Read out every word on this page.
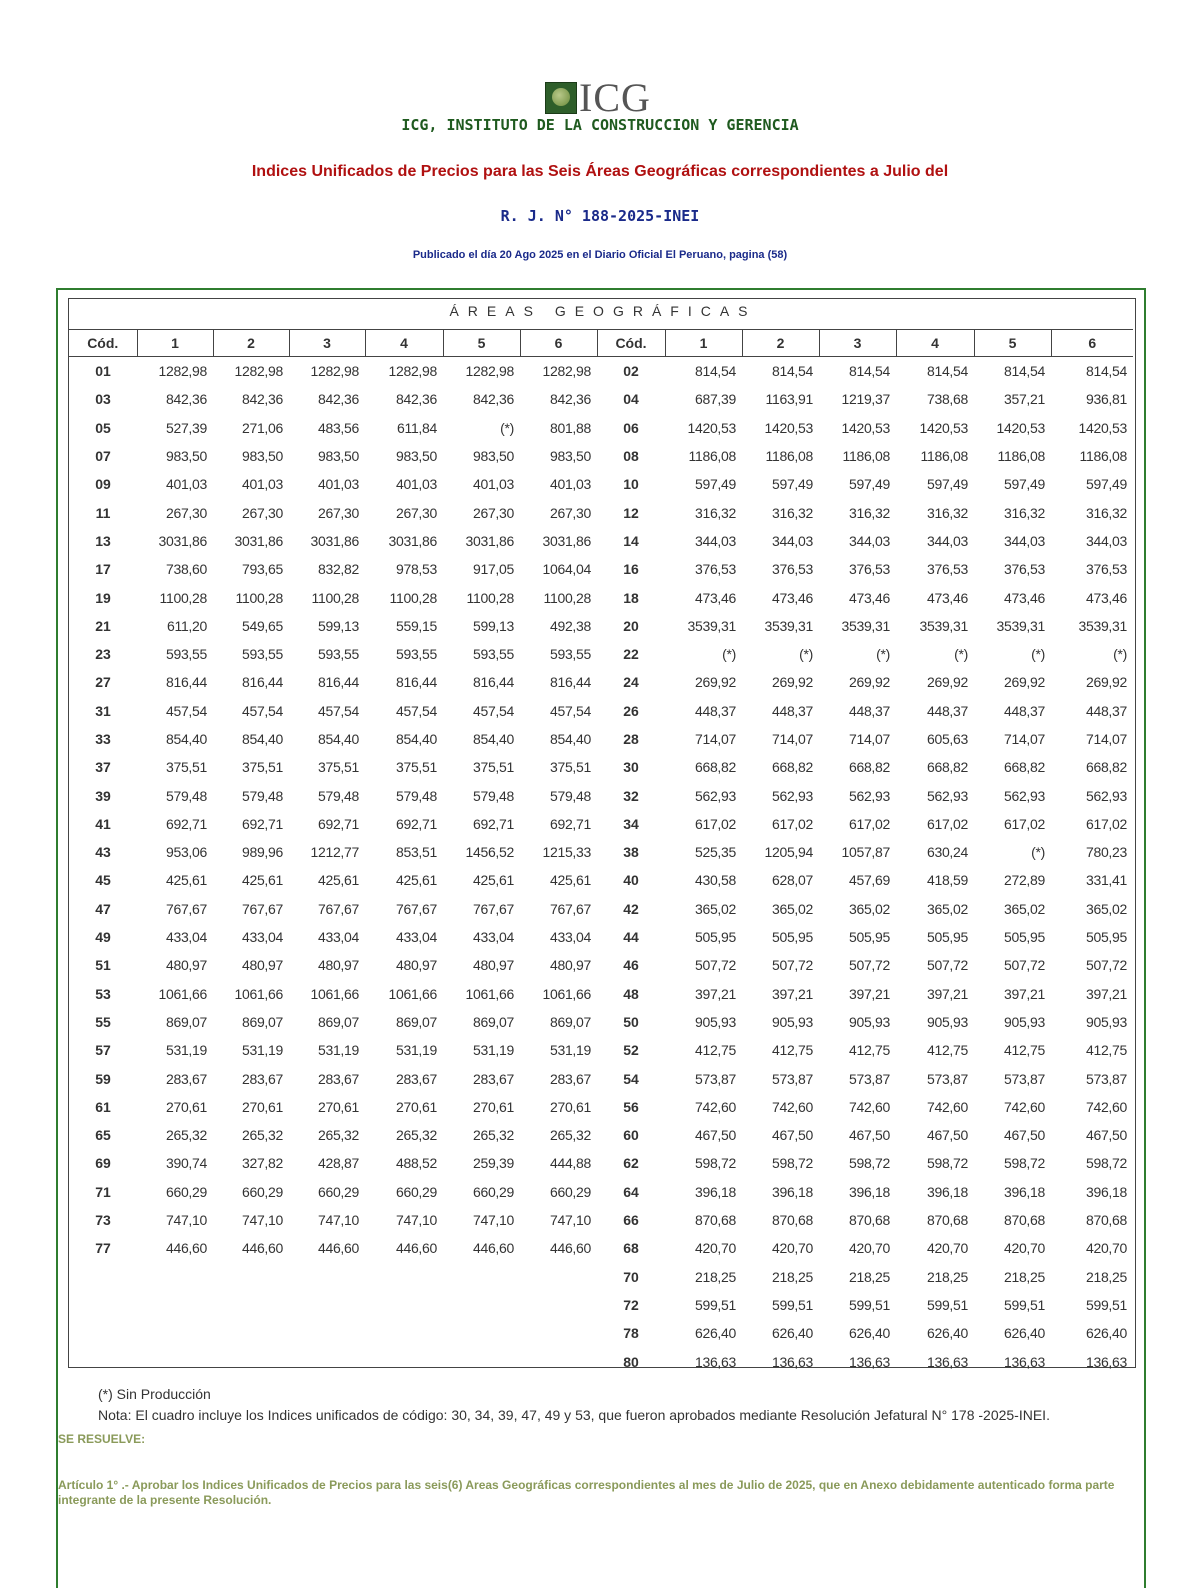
ICG
ICG, INSTITUTO DE LA CONSTRUCCION Y GERENCIA
Indices Unificados de Precios para las Seis Áreas Geográficas correspondientes a Julio del
R. J. N° 188-2025-INEI
Publicado el día 20 Ago 2025 en el Diario Oficial El Peruano, pagina (58)
ÁREAS GEOGRÁFICAS
Cód.	1	2	3	4	5	6	Cód.	1	2	3	4	5	6
01	1282,98	1282,98	1282,98	1282,98	1282,98	1282,98	02	814,54	814,54	814,54	814,54	814,54	814,54
03	842,36	842,36	842,36	842,36	842,36	842,36	04	687,39	1163,91	1219,37	738,68	357,21	936,81
05	527,39	271,06	483,56	611,84	(*)	801,88	06	1420,53	1420,53	1420,53	1420,53	1420,53	1420,53
07	983,50	983,50	983,50	983,50	983,50	983,50	08	1186,08	1186,08	1186,08	1186,08	1186,08	1186,08
09	401,03	401,03	401,03	401,03	401,03	401,03	10	597,49	597,49	597,49	597,49	597,49	597,49
11	267,30	267,30	267,30	267,30	267,30	267,30	12	316,32	316,32	316,32	316,32	316,32	316,32
13	3031,86	3031,86	3031,86	3031,86	3031,86	3031,86	14	344,03	344,03	344,03	344,03	344,03	344,03
17	738,60	793,65	832,82	978,53	917,05	1064,04	16	376,53	376,53	376,53	376,53	376,53	376,53
19	1100,28	1100,28	1100,28	1100,28	1100,28	1100,28	18	473,46	473,46	473,46	473,46	473,46	473,46
21	611,20	549,65	599,13	559,15	599,13	492,38	20	3539,31	3539,31	3539,31	3539,31	3539,31	3539,31
23	593,55	593,55	593,55	593,55	593,55	593,55	22	(*)	(*)	(*)	(*)	(*)	(*)
27	816,44	816,44	816,44	816,44	816,44	816,44	24	269,92	269,92	269,92	269,92	269,92	269,92
31	457,54	457,54	457,54	457,54	457,54	457,54	26	448,37	448,37	448,37	448,37	448,37	448,37
33	854,40	854,40	854,40	854,40	854,40	854,40	28	714,07	714,07	714,07	605,63	714,07	714,07
37	375,51	375,51	375,51	375,51	375,51	375,51	30	668,82	668,82	668,82	668,82	668,82	668,82
39	579,48	579,48	579,48	579,48	579,48	579,48	32	562,93	562,93	562,93	562,93	562,93	562,93
41	692,71	692,71	692,71	692,71	692,71	692,71	34	617,02	617,02	617,02	617,02	617,02	617,02
43	953,06	989,96	1212,77	853,51	1456,52	1215,33	38	525,35	1205,94	1057,87	630,24	(*)	780,23
45	425,61	425,61	425,61	425,61	425,61	425,61	40	430,58	628,07	457,69	418,59	272,89	331,41
47	767,67	767,67	767,67	767,67	767,67	767,67	42	365,02	365,02	365,02	365,02	365,02	365,02
49	433,04	433,04	433,04	433,04	433,04	433,04	44	505,95	505,95	505,95	505,95	505,95	505,95
51	480,97	480,97	480,97	480,97	480,97	480,97	46	507,72	507,72	507,72	507,72	507,72	507,72
53	1061,66	1061,66	1061,66	1061,66	1061,66	1061,66	48	397,21	397,21	397,21	397,21	397,21	397,21
55	869,07	869,07	869,07	869,07	869,07	869,07	50	905,93	905,93	905,93	905,93	905,93	905,93
57	531,19	531,19	531,19	531,19	531,19	531,19	52	412,75	412,75	412,75	412,75	412,75	412,75
59	283,67	283,67	283,67	283,67	283,67	283,67	54	573,87	573,87	573,87	573,87	573,87	573,87
61	270,61	270,61	270,61	270,61	270,61	270,61	56	742,60	742,60	742,60	742,60	742,60	742,60
65	265,32	265,32	265,32	265,32	265,32	265,32	60	467,50	467,50	467,50	467,50	467,50	467,50
69	390,74	327,82	428,87	488,52	259,39	444,88	62	598,72	598,72	598,72	598,72	598,72	598,72
71	660,29	660,29	660,29	660,29	660,29	660,29	64	396,18	396,18	396,18	396,18	396,18	396,18
73	747,10	747,10	747,10	747,10	747,10	747,10	66	870,68	870,68	870,68	870,68	870,68	870,68
77	446,60	446,60	446,60	446,60	446,60	446,60	68	420,70	420,70	420,70	420,70	420,70	420,70
							70	218,25	218,25	218,25	218,25	218,25	218,25
							72	599,51	599,51	599,51	599,51	599,51	599,51
							78	626,40	626,40	626,40	626,40	626,40	626,40
							80	136,63	136,63	136,63	136,63	136,63	136,63
(*) Sin Producción
Nota: El cuadro incluye los Indices unificados de código: 30, 34, 39, 47, 49 y 53, que fueron aprobados mediante Resolución Jefatural N° 178 -2025-INEI.
SE RESUELVE:
Artículo 1° .- Aprobar los Indices Unificados de Precios para las seis(6) Areas Geográficas correspondientes al mes de Julio de 2025, que en Anexo debidamente autenticado forma parte integrante de la presente Resolución.
